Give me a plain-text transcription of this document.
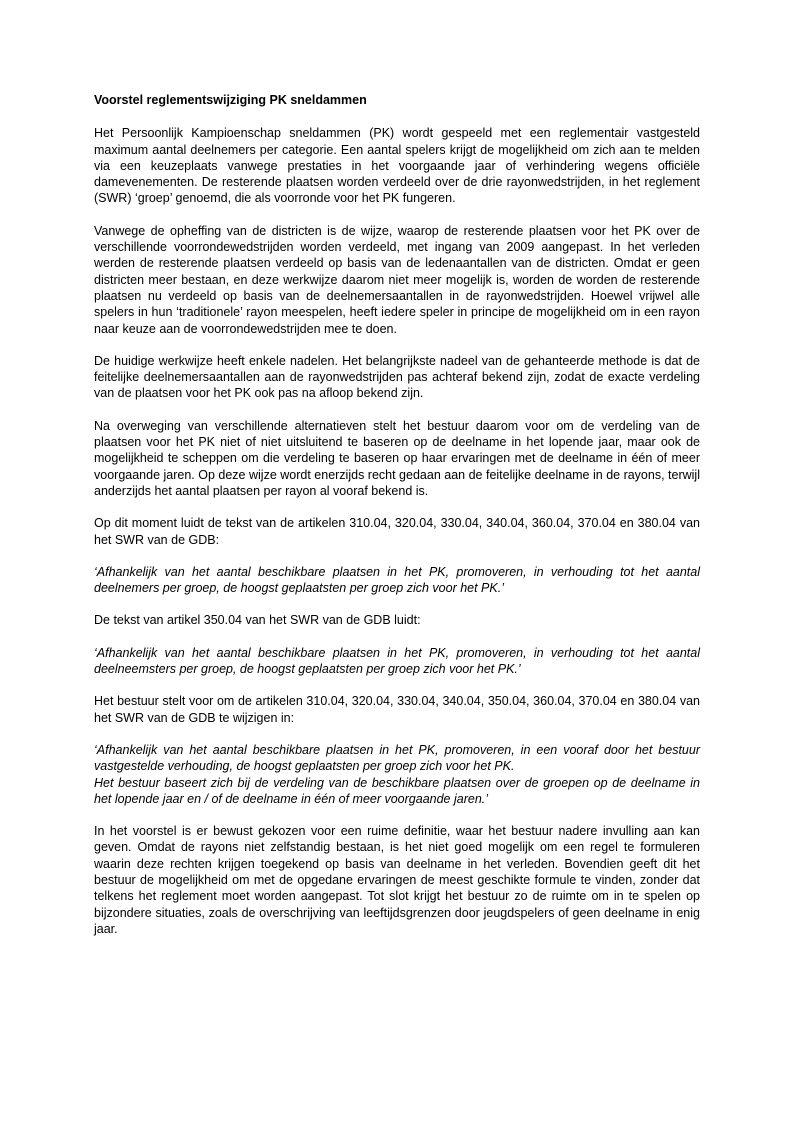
Voorstel reglementswijziging PK sneldammen
Het Persoonlijk Kampioenschap sneldammen (PK) wordt gespeeld met een reglementair vastgesteld maximum aantal deelnemers per categorie. Een aantal spelers krijgt de mogelijkheid om zich aan te melden via een keuzeplaats vanwege prestaties in het voorgaande jaar of verhindering wegens officiële damevenementen. De resterende plaatsen worden verdeeld over de drie rayonwedstrijden, in het reglement (SWR) ‘groep’ genoemd, die als voorronde voor het PK fungeren.
Vanwege de opheffing van de districten is de wijze, waarop de resterende plaatsen voor het PK over de verschillende voorrondewedstrijden worden verdeeld, met ingang van 2009 aangepast. In het verleden werden de resterende plaatsen verdeeld op basis van de ledenaantallen van de districten. Omdat er geen districten meer bestaan, en deze werkwijze daarom niet meer mogelijk is, worden de worden de resterende plaatsen nu verdeeld op basis van de deelnemersaantallen in de rayonwedstrijden. Hoewel vrijwel alle spelers in hun ‘traditionele’ rayon meespelen, heeft iedere speler in principe de mogelijkheid om in een rayon naar keuze aan de voorrondewedstrijden mee te doen.
De huidige werkwijze heeft enkele nadelen. Het belangrijkste nadeel van de gehanteerde methode is dat de feitelijke deelnemersaantallen aan de rayonwedstrijden pas achteraf bekend zijn, zodat de exacte verdeling van de plaatsen voor het PK ook pas na afloop bekend zijn.
Na overweging van verschillende alternatieven stelt het bestuur daarom voor om de verdeling van de plaatsen voor het PK niet of niet uitsluitend te baseren op de deelname in het lopende jaar, maar ook de mogelijkheid te scheppen om die verdeling te baseren op haar ervaringen met de deelname in één of meer voorgaande jaren. Op deze wijze wordt enerzijds recht gedaan aan de feitelijke deelname in de rayons, terwijl anderzijds het aantal plaatsen per rayon al vooraf bekend is.
Op dit moment luidt de tekst van de artikelen 310.04, 320.04, 330.04, 340.04, 360.04, 370.04 en 380.04 van het SWR van de GDB:
‘Afhankelijk van het aantal beschikbare plaatsen in het PK, promoveren, in verhouding tot het aantal deelnemers per groep, de hoogst geplaatsten per groep zich voor het PK.’
De tekst van artikel 350.04 van het SWR van de GDB luidt:
‘Afhankelijk van het aantal beschikbare plaatsen in het PK, promoveren, in verhouding tot het aantal deelneemsters per groep, de hoogst geplaatsten per groep zich voor het PK.’
Het bestuur stelt voor om de artikelen 310.04, 320.04, 330.04, 340.04, 350.04, 360.04, 370.04 en 380.04 van het SWR van de GDB te wijzigen in:
‘Afhankelijk van het aantal beschikbare plaatsen in het PK, promoveren, in een vooraf door het bestuur vastgestelde verhouding, de hoogst geplaatsten per groep zich voor het PK.
Het bestuur baseert zich bij de verdeling van de beschikbare plaatsen over de groepen op de deelname in het lopende jaar en / of de deelname in één of meer voorgaande jaren.’
In het voorstel is er bewust gekozen voor een ruime definitie, waar het bestuur nadere invulling aan kan geven. Omdat de rayons niet zelfstandig bestaan, is het niet goed mogelijk om een regel te formuleren waarin deze rechten krijgen toegekend op basis van deelname in het verleden. Bovendien geeft dit het bestuur de mogelijkheid om met de opgedane ervaringen de meest geschikte formule te vinden, zonder dat telkens het reglement moet worden aangepast. Tot slot krijgt het bestuur zo de ruimte om in te spelen op bijzondere situaties, zoals de overschrijving van leeftijdsgrenzen door jeugdspelers of geen deelname in enig jaar.
